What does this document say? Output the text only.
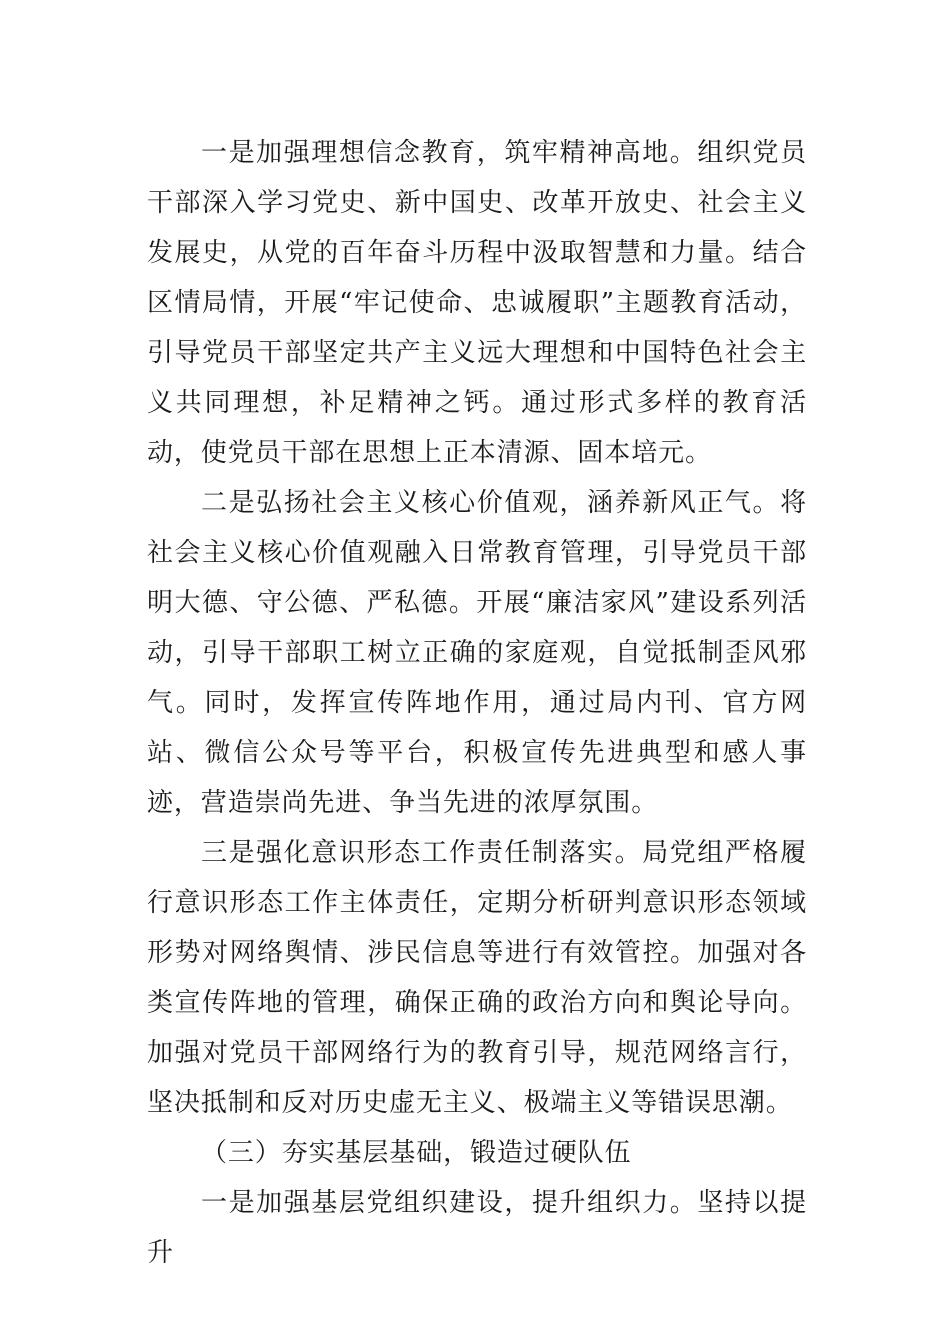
一是加强理想信念教育，筑牢精神高地。组织党员干部深入学习党史、新中国史、改革开放史、社会主义发展史，从党的百年奋斗历程中汲取智慧和力量。结合区情局情，开展“牢记使命、忠诚履职”主题教育活动，引导党员干部坚定共产主义远大理想和中国特色社会主义共同理想，补足精神之钙。通过形式多样的教育活动，使党员干部在思想上正本清源、固本培元。

二是弘扬社会主义核心价值观，涵养新风正气。将社会主义核心价值观融入日常教育管理，引导党员干部明大德、守公德、严私德。开展“廉洁家风”建设系列活动，引导干部职工树立正确的家庭观，自觉抵制歪风邪气。同时，发挥宣传阵地作用，通过局内刊、官方网站、微信公众号等平台，积极宣传先进典型和感人事迹，营造崇尚先进、争当先进的浓厚氛围。

三是强化意识形态工作责任制落实。局党组严格履行意识形态工作主体责任，定期分析研判意识形态领域形势对网络舆情、涉民信息等进行有效管控。加强对各类宣传阵地的管理，确保正确的政治方向和舆论导向。加强对党员干部网络行为的教育引导，规范网络言行，坚决抵制和反对历史虚无主义、极端主义等错误思潮。

（三）夯实基层基础，锻造过硬队伍

一是加强基层党组织建设，提升组织力。坚持以提升
